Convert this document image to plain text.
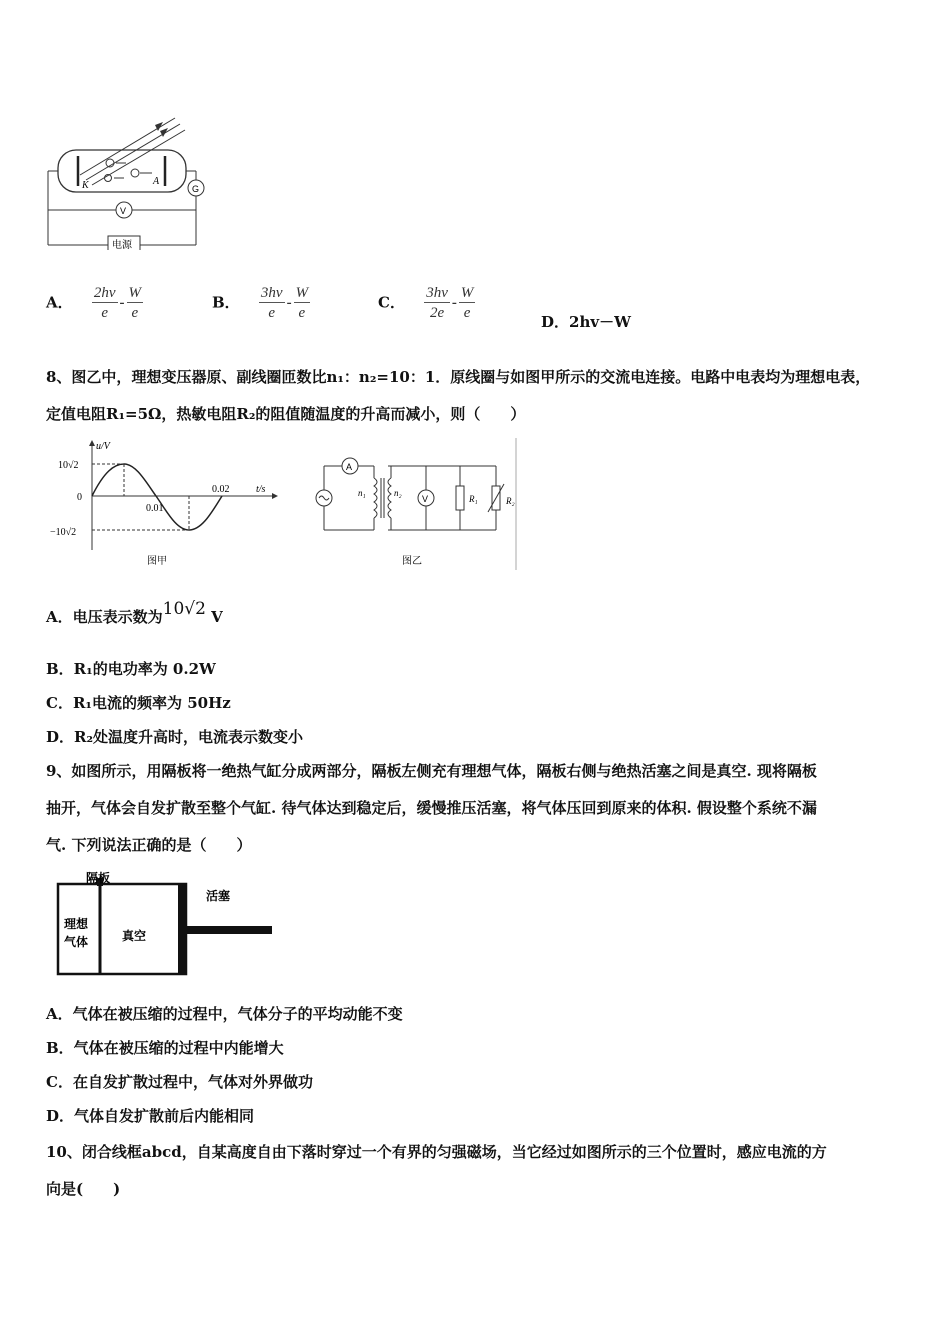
K	A
G
V
电源
A． $\frac{2hv}{e} - \frac{W}{e}$	B． $\frac{3hv}{e} - \frac{W}{e}$	C． $\frac{3hv}{2e} - \frac{W}{e}$	D．2hv－W
8、图乙中，理想变压器原、副线圈匝数比n₁：n₂=10：1．原线圈与如图甲所示的交流电连接。电路中电表均为理想电表，
定值电阻R₁=5Ω，热敏电阻R₂的阻值随温度的升高而减小，则（　　）
u/V
t/s
10√2
0
−10√2
0.01
0.02
图甲
A
n₁	n₂
V	R₁	R₂
图乙
A．电压表示数为10√2 V
B．R₁的电功率为 0.2W
C．R₁电流的频率为 50Hz
D．R₂处温度升高时，电流表示数变小
9、如图所示，用隔板将一绝热气缸分成两部分，隔板左侧充有理想气体，隔板右侧与绝热活塞之间是真空. 现将隔板
抽开，气体会自发扩散至整个气缸. 待气体达到稳定后，缓慢推压活塞，将气体压回到原来的体积. 假设整个系统不漏
气. 下列说法正确的是（　　）
隔板
活塞
理想
气体	真空
A．气体在被压缩的过程中，气体分子的平均动能不变
B．气体在被压缩的过程中内能增大
C．在自发扩散过程中，气体对外界做功
D．气体自发扩散前后内能相同
10、闭合线框abcd，自某高度自由下落时穿过一个有界的匀强磁场，当它经过如图所示的三个位置时，感应电流的方
向是(　　)
